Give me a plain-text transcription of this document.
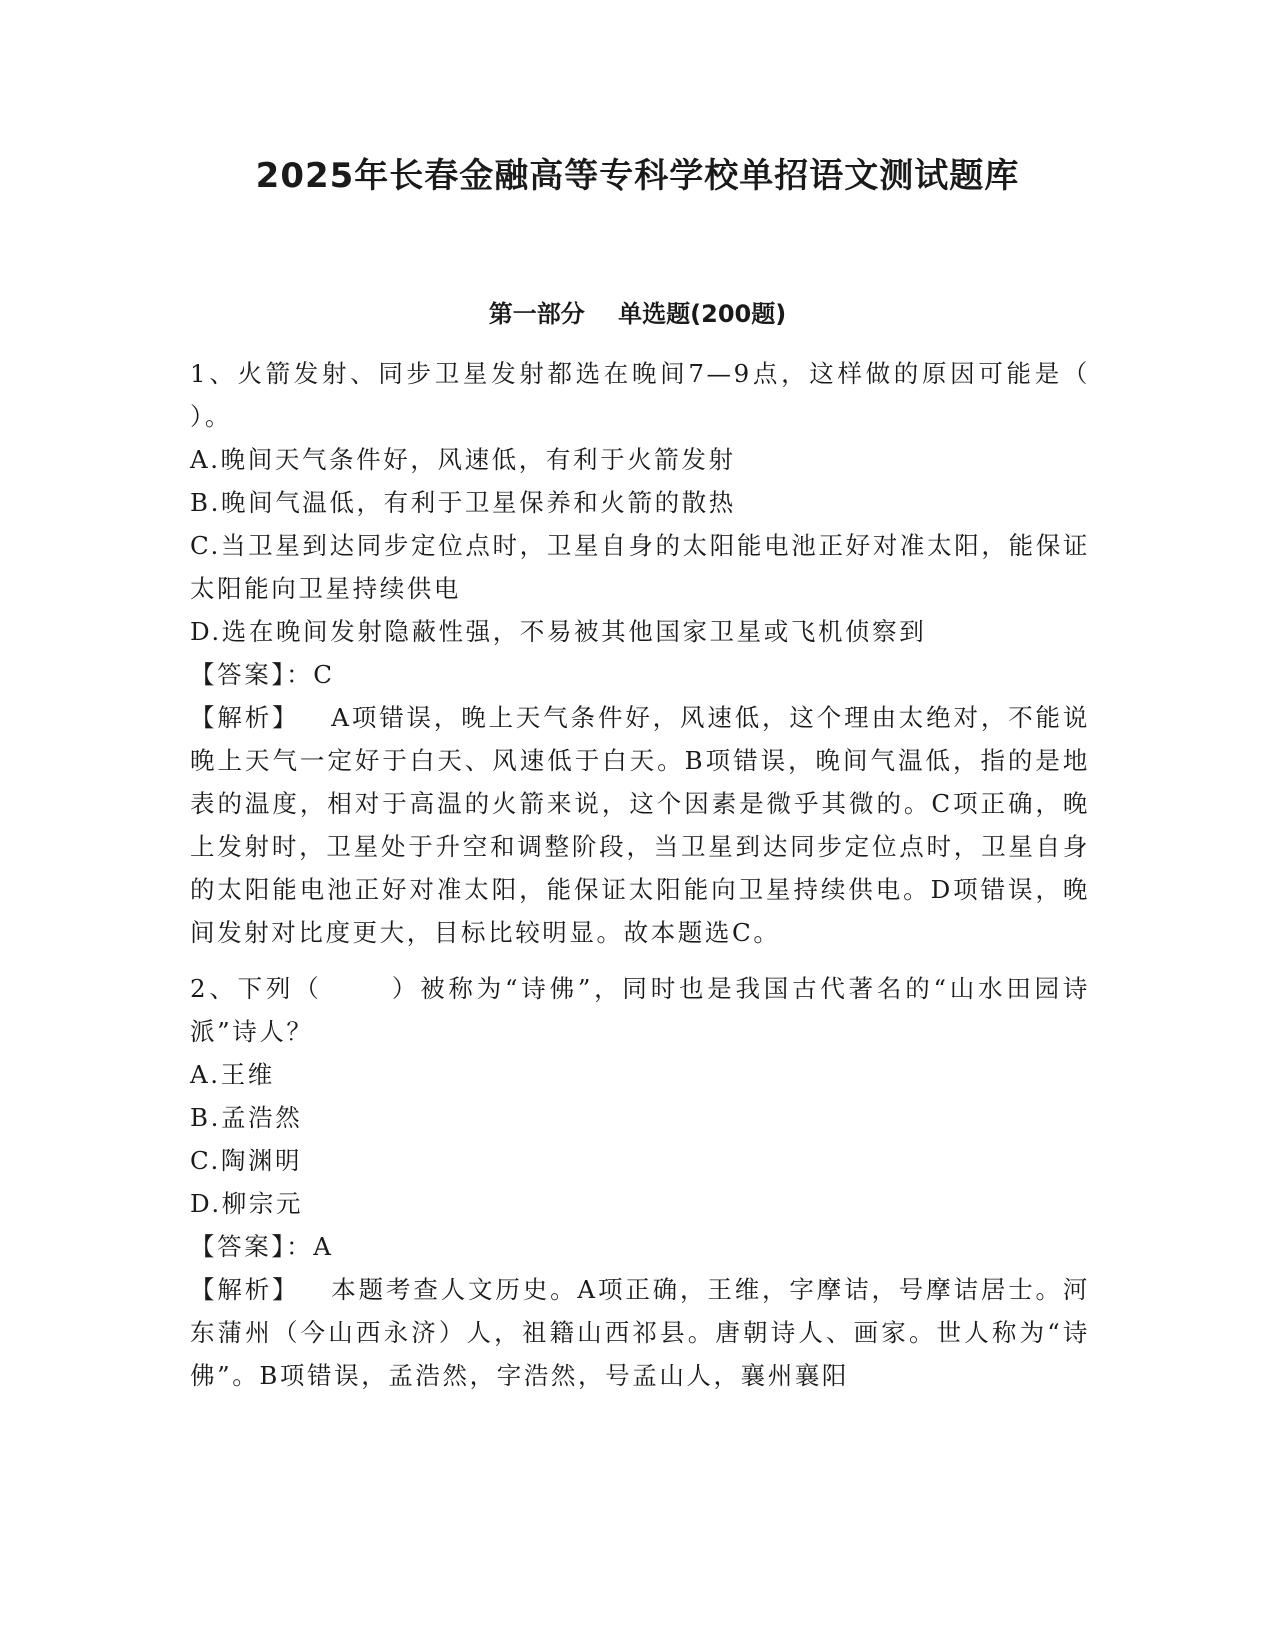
2025年长春金融高等专科学校单招语文测试题库
第一部分    单选题(200题)

1、火箭发射、同步卫星发射都选在晚间7—9点，这样做的原因可能是（    ）。

A.晚间天气条件好，风速低，有利于火箭发射

B.晚间气温低，有利于卫星保养和火箭的散热

C.当卫星到达同步定位点时，卫星自身的太阳能电池正好对准太阳，能保证太阳能向卫星持续供电

D.选在晚间发射隐蔽性强，不易被其他国家卫星或飞机侦察到

【答案】：C

【解析】   A项错误，晚上天气条件好，风速低，这个理由太绝对，不能说晚上天气一定好于白天、风速低于白天。B项错误，晚间气温低，指的是地表的温度，相对于高温的火箭来说，这个因素是微乎其微的。C项正确，晚上发射时，卫星处于升空和调整阶段，当卫星到达同步定位点时，卫星自身的太阳能电池正好对准太阳，能保证太阳能向卫星持续供电。D项错误，晚间发射对比度更大，目标比较明显。故本题选C。

2、下列（      ）被称为“诗佛”，同时也是我国古代著名的“山水田园诗派”诗人？

A.王维

B.孟浩然

C.陶渊明

D.柳宗元

【答案】：A

【解析】   本题考查人文历史。A项正确，王维，字摩诘，号摩诘居士。河东蒲州（今山西永济）人，祖籍山西祁县。唐朝诗人、画家。世人称为“诗佛”。B项错误，孟浩然，字浩然，号孟山人，襄州襄阳
